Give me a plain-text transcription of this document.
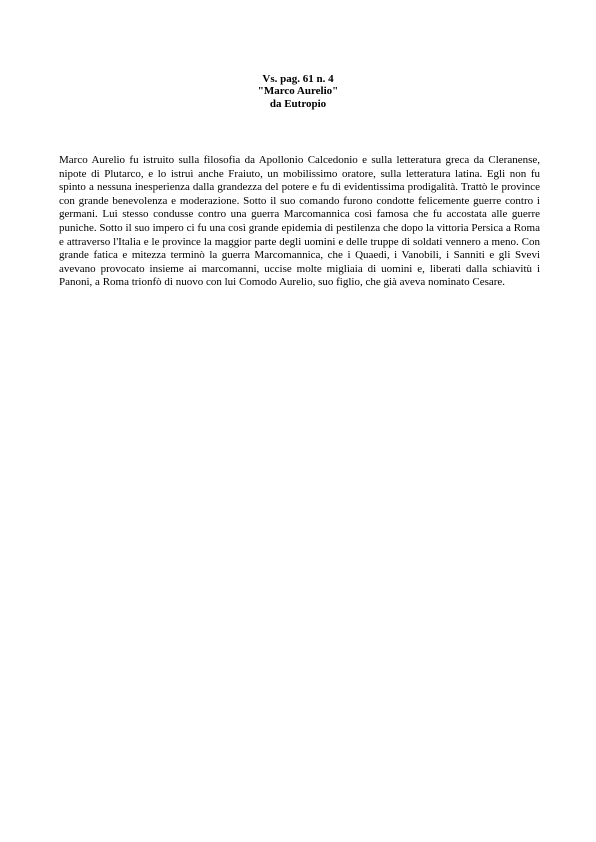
Vs. pag. 61 n. 4
"Marco Aurelio"
da Eutropio

Marco Aurelio fu istruito sulla filosofia da Apollonio Calcedonio e sulla letteratura greca da Cleranense, nipote di Plutarco, e lo istruì anche Fraiuto, un mobilissimo oratore, sulla letteratura latina. Egli non fu spinto a nessuna inesperienza dalla grandezza del potere e fu di evidentissima prodigalità. Trattò le province con grande benevolenza e moderazione. Sotto il suo comando furono condotte felicemente guerre contro i germani. Lui stesso condusse contro una guerra Marcomannica così famosa che fu accostata alle guerre puniche. Sotto il suo impero ci fu una così grande epidemia di pestilenza che dopo la vittoria Persica a Roma e attraverso l'Italia e le province la maggior parte degli uomini e delle truppe di soldati vennero a meno. Con grande fatica e mitezza terminò la guerra Marcomannica, che i Quaedi, i Vanobili, i Sanniti e gli Svevi avevano provocato insieme ai marcomanni, uccise molte migliaia di uomini e, liberati dalla schiavitù i Panoni, a Roma trionfò di nuovo con lui Comodo Aurelio, suo figlio, che già aveva nominato Cesare.
